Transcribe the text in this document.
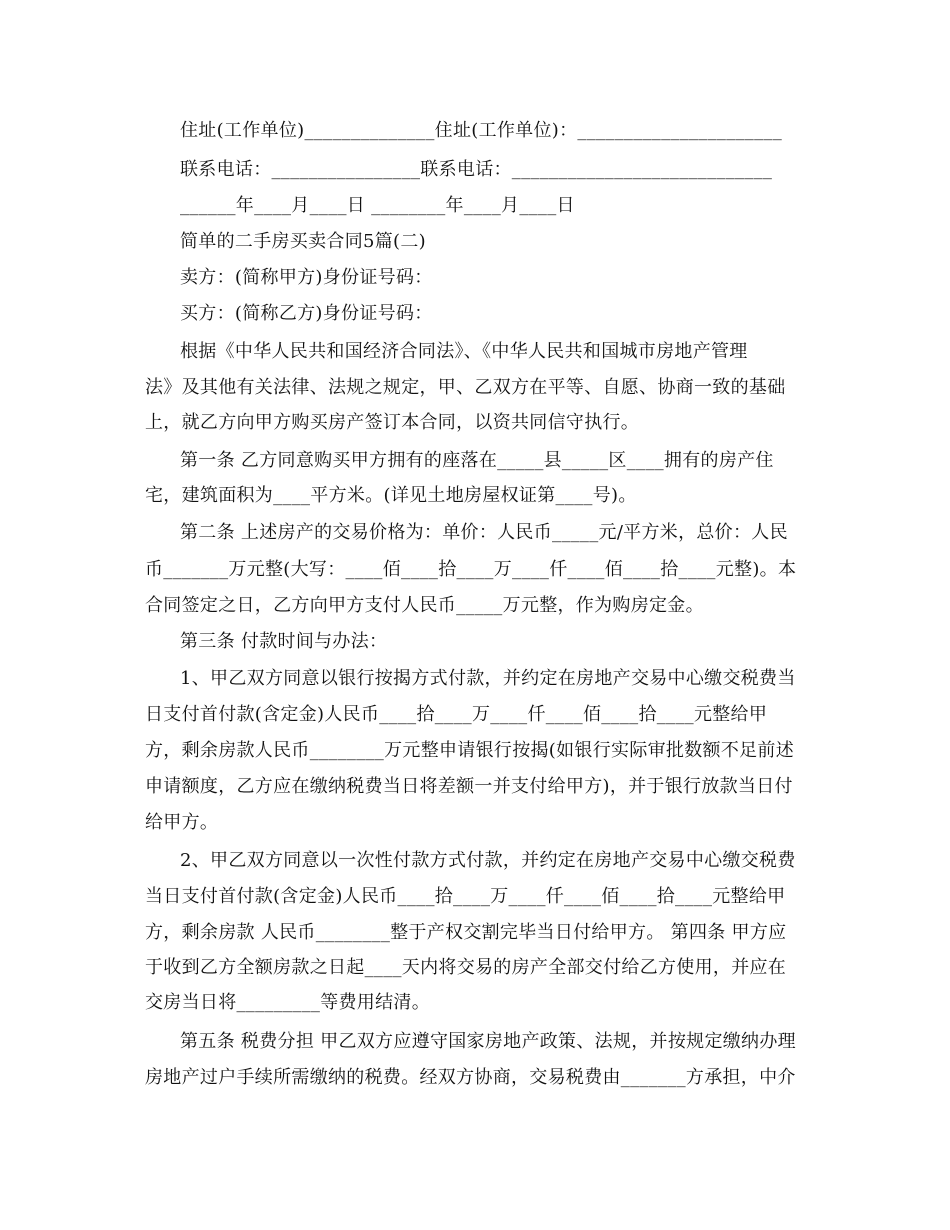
住址(工作单位)______________住址(工作单位)：______________________
联系电话：________________联系电话：____________________________
______年____月____日 ________年____月____日
简单的二手房买卖合同5篇(二)
卖方：(简称甲方)身份证号码：
买方：(简称乙方)身份证号码：
根据《中华人民共和国经济合同法》、《中华人民共和国城市房地产管理
法》及其他有关法律、法规之规定，甲、乙双方在平等、自愿、协商一致的基础
上，就乙方向甲方购买房产签订本合同，以资共同信守执行。
第一条 乙方同意购买甲方拥有的座落在_____县_____区____拥有的房产住
宅，建筑面积为____平方米。(详见土地房屋权证第____号)。
第二条 上述房产的交易价格为：单价：人民币_____元/平方米，总价：人民
币_______万元整(大写：____佰____拾____万____仟____佰____拾____元整)。本
合同签定之日，乙方向甲方支付人民币_____万元整，作为购房定金。
第三条 付款时间与办法：
1、甲乙双方同意以银行按揭方式付款，并约定在房地产交易中心缴交税费当
日支付首付款(含定金)人民币____拾____万____仟____佰____拾____元整给甲
方，剩余房款人民币________万元整申请银行按揭(如银行实际审批数额不足前述
申请额度，乙方应在缴纳税费当日将差额一并支付给甲方)，并于银行放款当日付
给甲方。
2、甲乙双方同意以一次性付款方式付款，并约定在房地产交易中心缴交税费
当日支付首付款(含定金)人民币____拾____万____仟____佰____拾____元整给甲
方，剩余房款 人民币________整于产权交割完毕当日付给甲方。 第四条 甲方应
于收到乙方全额房款之日起____天内将交易的房产全部交付给乙方使用，并应在
交房当日将_________等费用结清。
第五条 税费分担 甲乙双方应遵守国家房地产政策、法规，并按规定缴纳办理
房地产过户手续所需缴纳的税费。经双方协商，交易税费由_______方承担，中介
